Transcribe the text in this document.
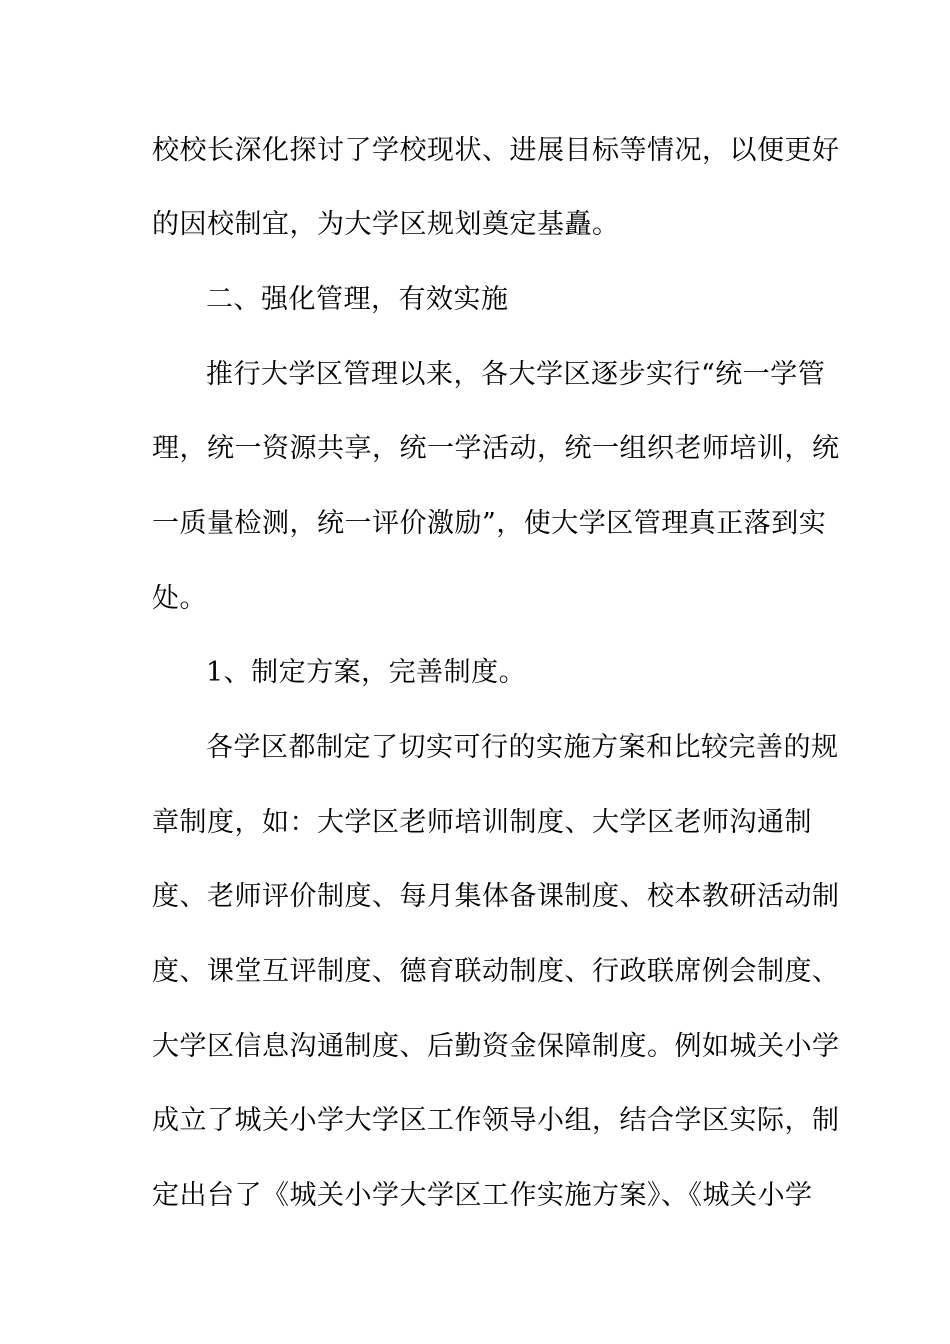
校校长深化探讨了学校现状、进展目标等情况，以便更好
的因校制宜，为大学区规划奠定基矗。
二、强化管理，有效实施
推行大学区管理以来，各大学区逐步实行“统一学管
理，统一资源共享，统一学活动，统一组织老师培训，统
一质量检测，统一评价激励”，使大学区管理真正落到实
处。
1、制定方案，完善制度。
各学区都制定了切实可行的实施方案和比较完善的规
章制度，如：大学区老师培训制度、大学区老师沟通制
度、老师评价制度、每月集体备课制度、校本教研活动制
度、课堂互评制度、德育联动制度、行政联席例会制度、
大学区信息沟通制度、后勤资金保障制度。例如城关小学
成立了城关小学大学区工作领导小组，结合学区实际，制
定出台了《城关小学大学区工作实施方案》、《城关小学
